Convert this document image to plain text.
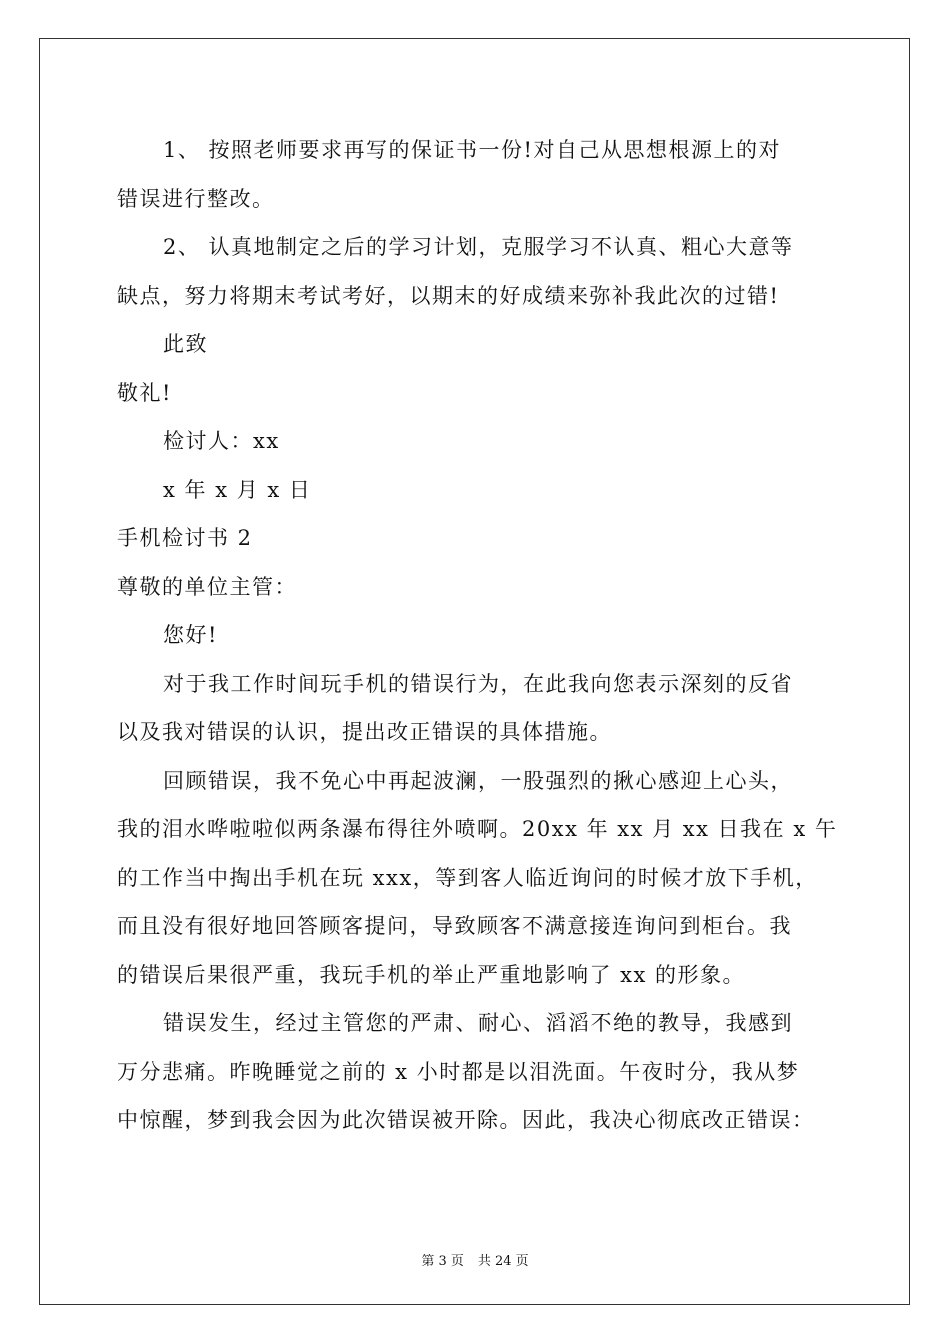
1、 按照老师要求再写的保证书一份!对自己从思想根源上的对
错误进行整改。
2、 认真地制定之后的学习计划，克服学习不认真、粗心大意等
缺点，努力将期末考试考好，以期末的好成绩来弥补我此次的过错!
此致
敬礼!
检讨人：xx
x 年 x 月 x 日
手机检讨书 2
尊敬的单位主管：
您好!
对于我工作时间玩手机的错误行为，在此我向您表示深刻的反省
以及我对错误的认识，提出改正错误的具体措施。
回顾错误，我不免心中再起波澜，一股强烈的揪心感迎上心头，
我的泪水哗啦啦似两条瀑布得往外喷啊。20xx 年 xx 月 xx 日我在 x 午
的工作当中掏出手机在玩 xxx，等到客人临近询问的时候才放下手机，
而且没有很好地回答顾客提问，导致顾客不满意接连询问到柜台。我
的错误后果很严重，我玩手机的举止严重地影响了 xx 的形象。
错误发生，经过主管您的严肃、耐心、滔滔不绝的教导，我感到
万分悲痛。昨晚睡觉之前的 x 小时都是以泪洗面。午夜时分，我从梦
中惊醒，梦到我会因为此次错误被开除。因此，我决心彻底改正错误：
第 3 页 共 24 页
